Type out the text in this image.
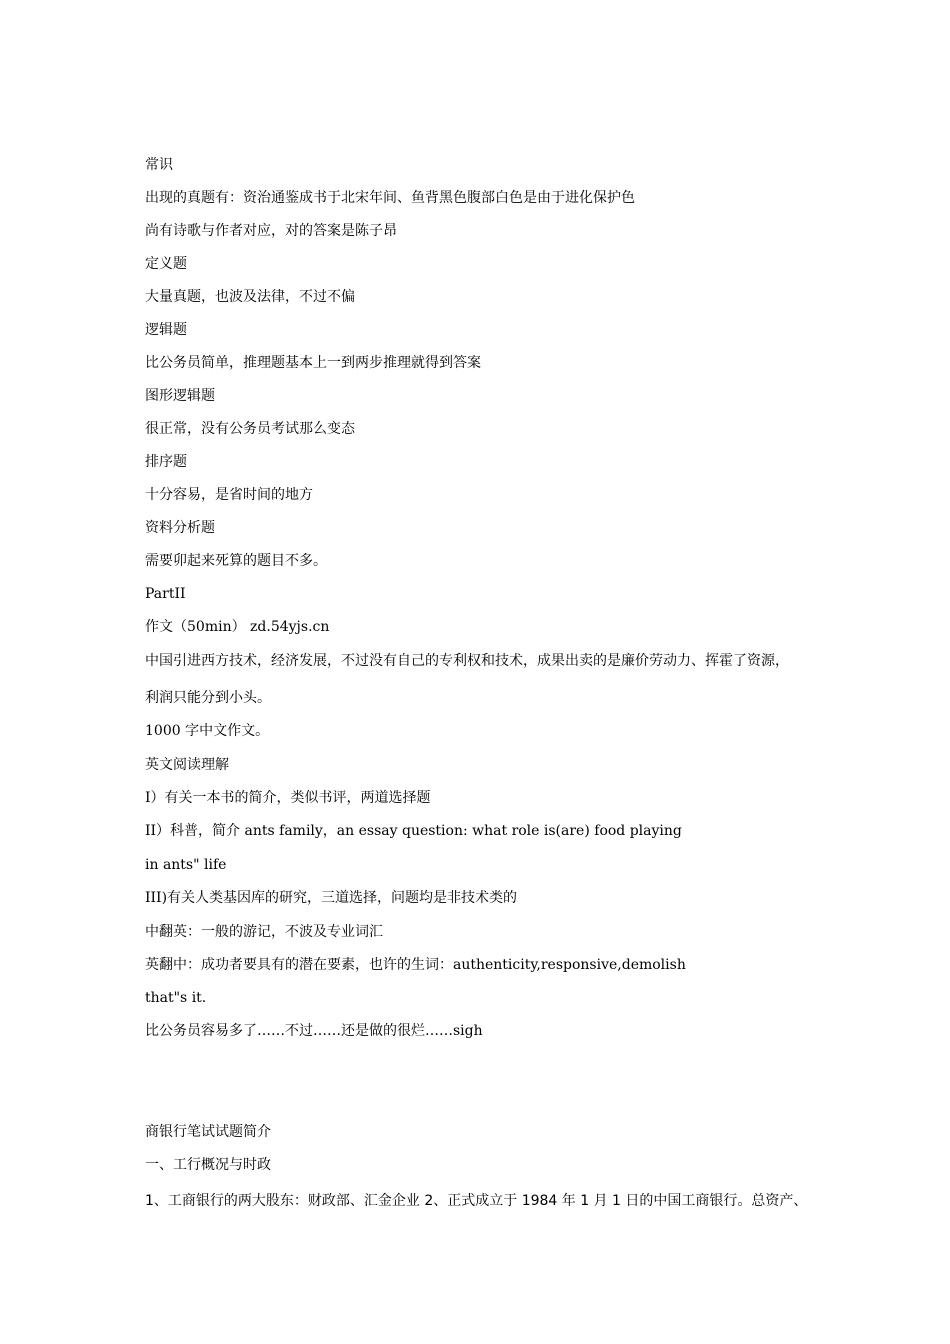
常识
出现的真题有：资治通鉴成书于北宋年间、鱼背黑色腹部白色是由于进化保护色
尚有诗歌与作者对应，对的答案是陈子昂
定义题
大量真题，也波及法律，不过不偏
逻辑题
比公务员简单，推理题基本上一到两步推理就得到答案
图形逻辑题
很正常，没有公务员考试那么变态
排序题
十分容易，是省时间的地方
资料分析题
需要卯起来死算的题目不多。
PartII
作文（50min） zd.54yjs.cn
中国引进西方技术，经济发展，不过没有自己的专利权和技术，成果出卖的是廉价劳动力、挥霍了资源，
利润只能分到小头。
1000 字中文作文。
英文阅读理解
I）有关一本书的简介，类似书评，两道选择题
II）科普，简介 ants family，an essay question: what role is(are) food playing
in ants" life
III)有关人类基因库的研究，三道选择，问题均是非技术类的
中翻英：一般的游记，不波及专业词汇
英翻中：成功者要具有的潜在要素，也许的生词：authenticity,responsive,demolish
that"s it.
比公务员容易多了……不过……还是做的很烂……sigh
商银行笔试试题简介
一、工行概况与时政
1、工商银行的两大股东：财政部、汇金企业 2、正式成立于 1984 年 1 月 1 日的中国工商银行。总资产、
